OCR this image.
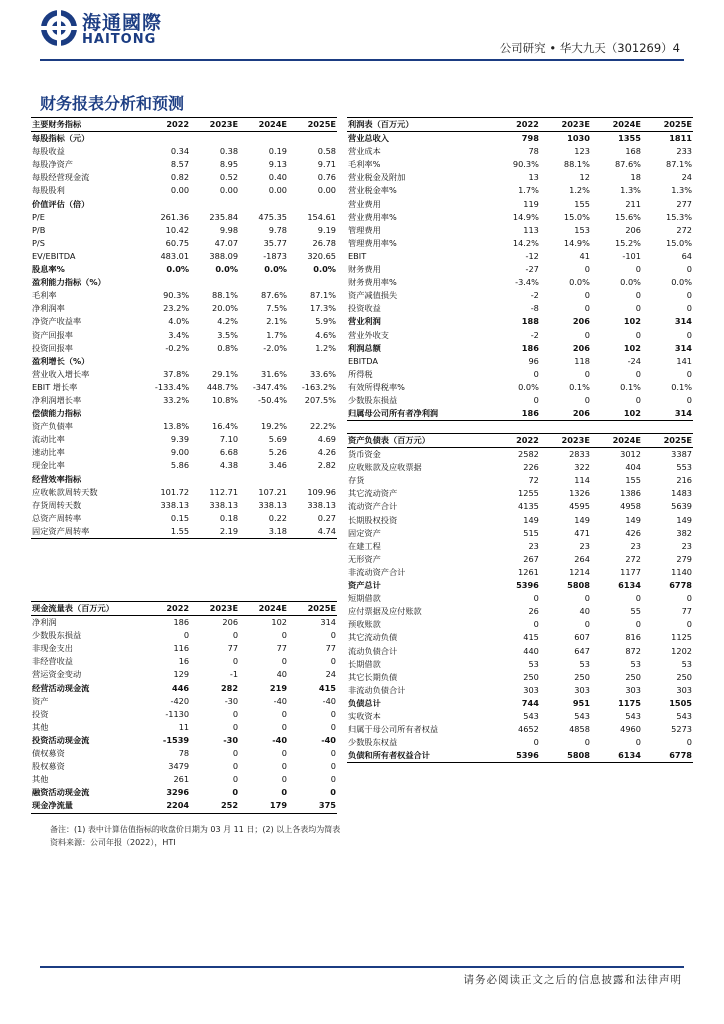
海通國際
HAITONG
公司研究 • 华大九天（301269）4
财务报表分析和预测
主要财务指标	2022	2023E	2024E	2025E
每股指标（元）				
每股收益	0.34	0.38	0.19	0.58
每股净资产	8.57	8.95	9.13	9.71
每股经营现金流	0.82	0.52	0.40	0.76
每股股利	0.00	0.00	0.00	0.00
价值评估（倍）				
P/E	261.36	235.84	475.35	154.61
P/B	10.42	9.98	9.78	9.19
P/S	60.75	47.07	35.77	26.78
EV/EBITDA	483.01	388.09	-1873	320.65
股息率%	0.0%	0.0%	0.0%	0.0%
盈利能力指标（%）				
毛利率	90.3%	88.1%	87.6%	87.1%
净利润率	23.2%	20.0%	7.5%	17.3%
净资产收益率	4.0%	4.2%	2.1%	5.9%
资产回报率	3.4%	3.5%	1.7%	4.6%
投资回报率	-0.2%	0.8%	-2.0%	1.2%
盈利增长（%）				
营业收入增长率	37.8%	29.1%	31.6%	33.6%
EBIT 增长率	-133.4%	448.7%	-347.4%	-163.2%
净利润增长率	33.2%	10.8%	-50.4%	207.5%
偿债能力指标				
资产负债率	13.8%	16.4%	19.2%	22.2%
流动比率	9.39	7.10	5.69	4.69
速动比率	9.00	6.68	5.26	4.26
现金比率	5.86	4.38	3.46	2.82
经营效率指标				
应收帐款周转天数	101.72	112.71	107.21	109.96
存货周转天数	338.13	338.13	338.13	338.13
总资产周转率	0.15	0.18	0.22	0.27
固定资产周转率	1.55	2.19	3.18	4.74
利润表（百万元）	2022	2023E	2024E	2025E
营业总收入	798	1030	1355	1811
营业成本	78	123	168	233
毛利率%	90.3%	88.1%	87.6%	87.1%
营业税金及附加	13	12	18	24
营业税金率%	1.7%	1.2%	1.3%	1.3%
营业费用	119	155	211	277
营业费用率%	14.9%	15.0%	15.6%	15.3%
管理费用	113	153	206	272
管理费用率%	14.2%	14.9%	15.2%	15.0%
EBIT	-12	41	-101	64
财务费用	-27	0	0	0
财务费用率%	-3.4%	0.0%	0.0%	0.0%
资产减值损失	-2	0	0	0
投资收益	-8	0	0	0
营业利润	188	206	102	314
营业外收支	-2	0	0	0
利润总额	186	206	102	314
EBITDA	96	118	-24	141
所得税	0	0	0	0
有效所得税率%	0.0%	0.1%	0.1%	0.1%
少数股东损益	0	0	0	0
归属母公司所有者净利润	186	206	102	314
资产负债表（百万元）	2022	2023E	2024E	2025E
货币资金	2582	2833	3012	3387
应收账款及应收票据	226	322	404	553
存货	72	114	155	216
其它流动资产	1255	1326	1386	1483
流动资产合计	4135	4595	4958	5639
长期股权投资	149	149	149	149
固定资产	515	471	426	382
在建工程	23	23	23	23
无形资产	267	264	272	279
非流动资产合计	1261	1214	1177	1140
资产总计	5396	5808	6134	6778
短期借款	0	0	0	0
应付票据及应付账款	26	40	55	77
预收账款	0	0	0	0
其它流动负债	415	607	816	1125
流动负债合计	440	647	872	1202
长期借款	53	53	53	53
其它长期负债	250	250	250	250
非流动负债合计	303	303	303	303
负债总计	744	951	1175	1505
实收资本	543	543	543	543
归属于母公司所有者权益	4652	4858	4960	5273
少数股东权益	0	0	0	0
负债和所有者权益合计	5396	5808	6134	6778
现金流量表（百万元）	2022	2023E	2024E	2025E
净利润	186	206	102	314
少数股东损益	0	0	0	0
非现金支出	116	77	77	77
非经营收益	16	0	0	0
营运资金变动	129	-1	40	24
经营活动现金流	446	282	219	415
资产	-420	-30	-40	-40
投资	-1130	0	0	0
其他	11	0	0	0
投资活动现金流	-1539	-30	-40	-40
债权募资	78	0	0	0
股权募资	3479	0	0	0
其他	261	0	0	0
融资活动现金流	3296	0	0	0
现金净流量	2204	252	179	375
备注：(1) 表中计算估值指标的收盘价日期为 03 月 11 日；(2) 以上各表均为简表
资料来源：公司年报（2022），HTI
请务必阅读正文之后的信息披露和法律声明
